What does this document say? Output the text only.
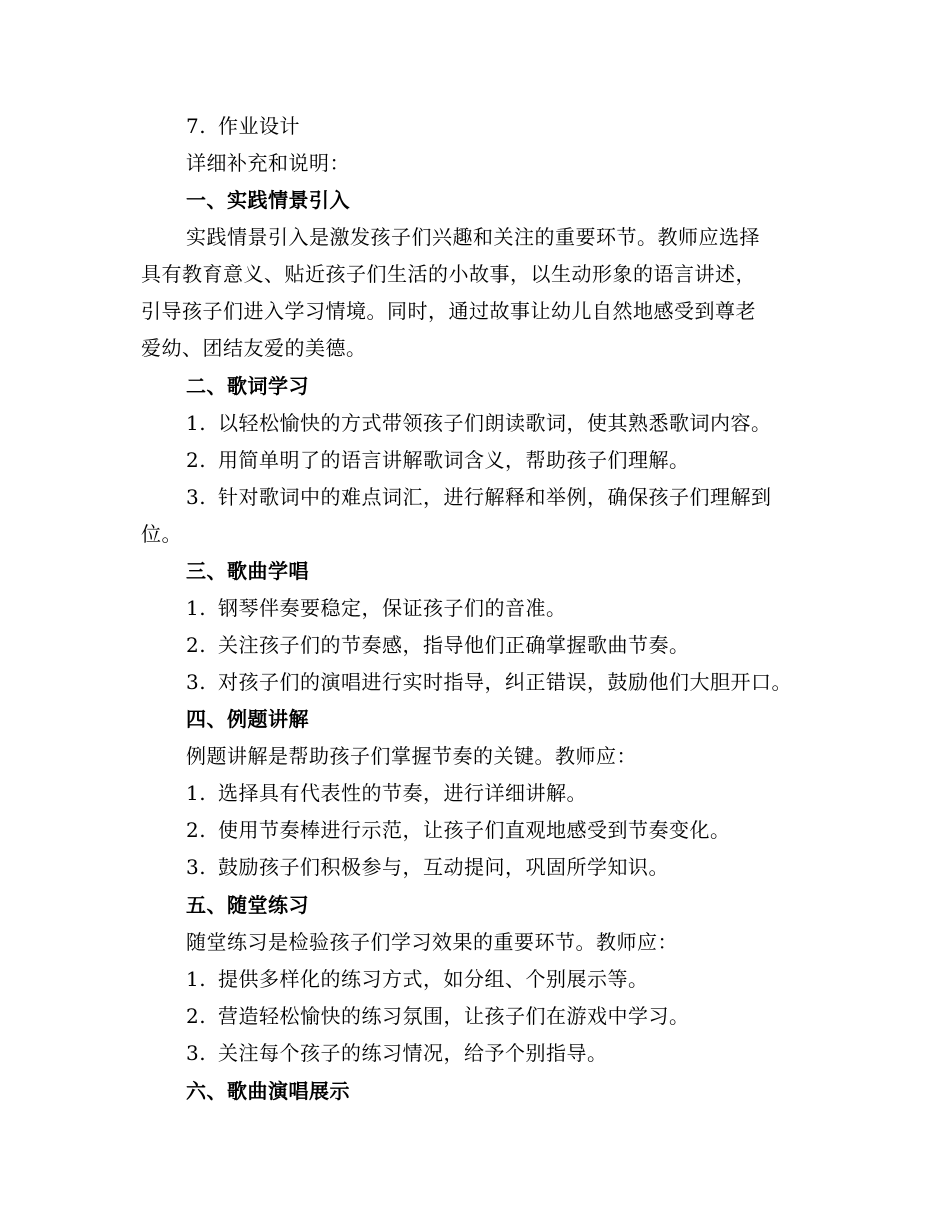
7. 作业设计
详细补充和说明：
一、实践情景引入
实践情景引入是激发孩子们兴趣和关注的重要环节。教师应选择
具有教育意义、贴近孩子们生活的小故事，以生动形象的语言讲述，
引导孩子们进入学习情境。同时，通过故事让幼儿自然地感受到尊老
爱幼、团结友爱的美德。
二、歌词学习
1. 以轻松愉快的方式带领孩子们朗读歌词，使其熟悉歌词内容。
2. 用简单明了的语言讲解歌词含义，帮助孩子们理解。
3. 针对歌词中的难点词汇，进行解释和举例，确保孩子们理解到
位。
三、歌曲学唱
1. 钢琴伴奏要稳定，保证孩子们的音准。
2. 关注孩子们的节奏感，指导他们正确掌握歌曲节奏。
3. 对孩子们的演唱进行实时指导，纠正错误，鼓励他们大胆开口。
四、例题讲解
例题讲解是帮助孩子们掌握节奏的关键。教师应：
1. 选择具有代表性的节奏，进行详细讲解。
2. 使用节奏棒进行示范，让孩子们直观地感受到节奏变化。
3. 鼓励孩子们积极参与，互动提问，巩固所学知识。
五、随堂练习
随堂练习是检验孩子们学习效果的重要环节。教师应：
1. 提供多样化的练习方式，如分组、个别展示等。
2. 营造轻松愉快的练习氛围，让孩子们在游戏中学习。
3. 关注每个孩子的练习情况，给予个别指导。
六、歌曲演唱展示
